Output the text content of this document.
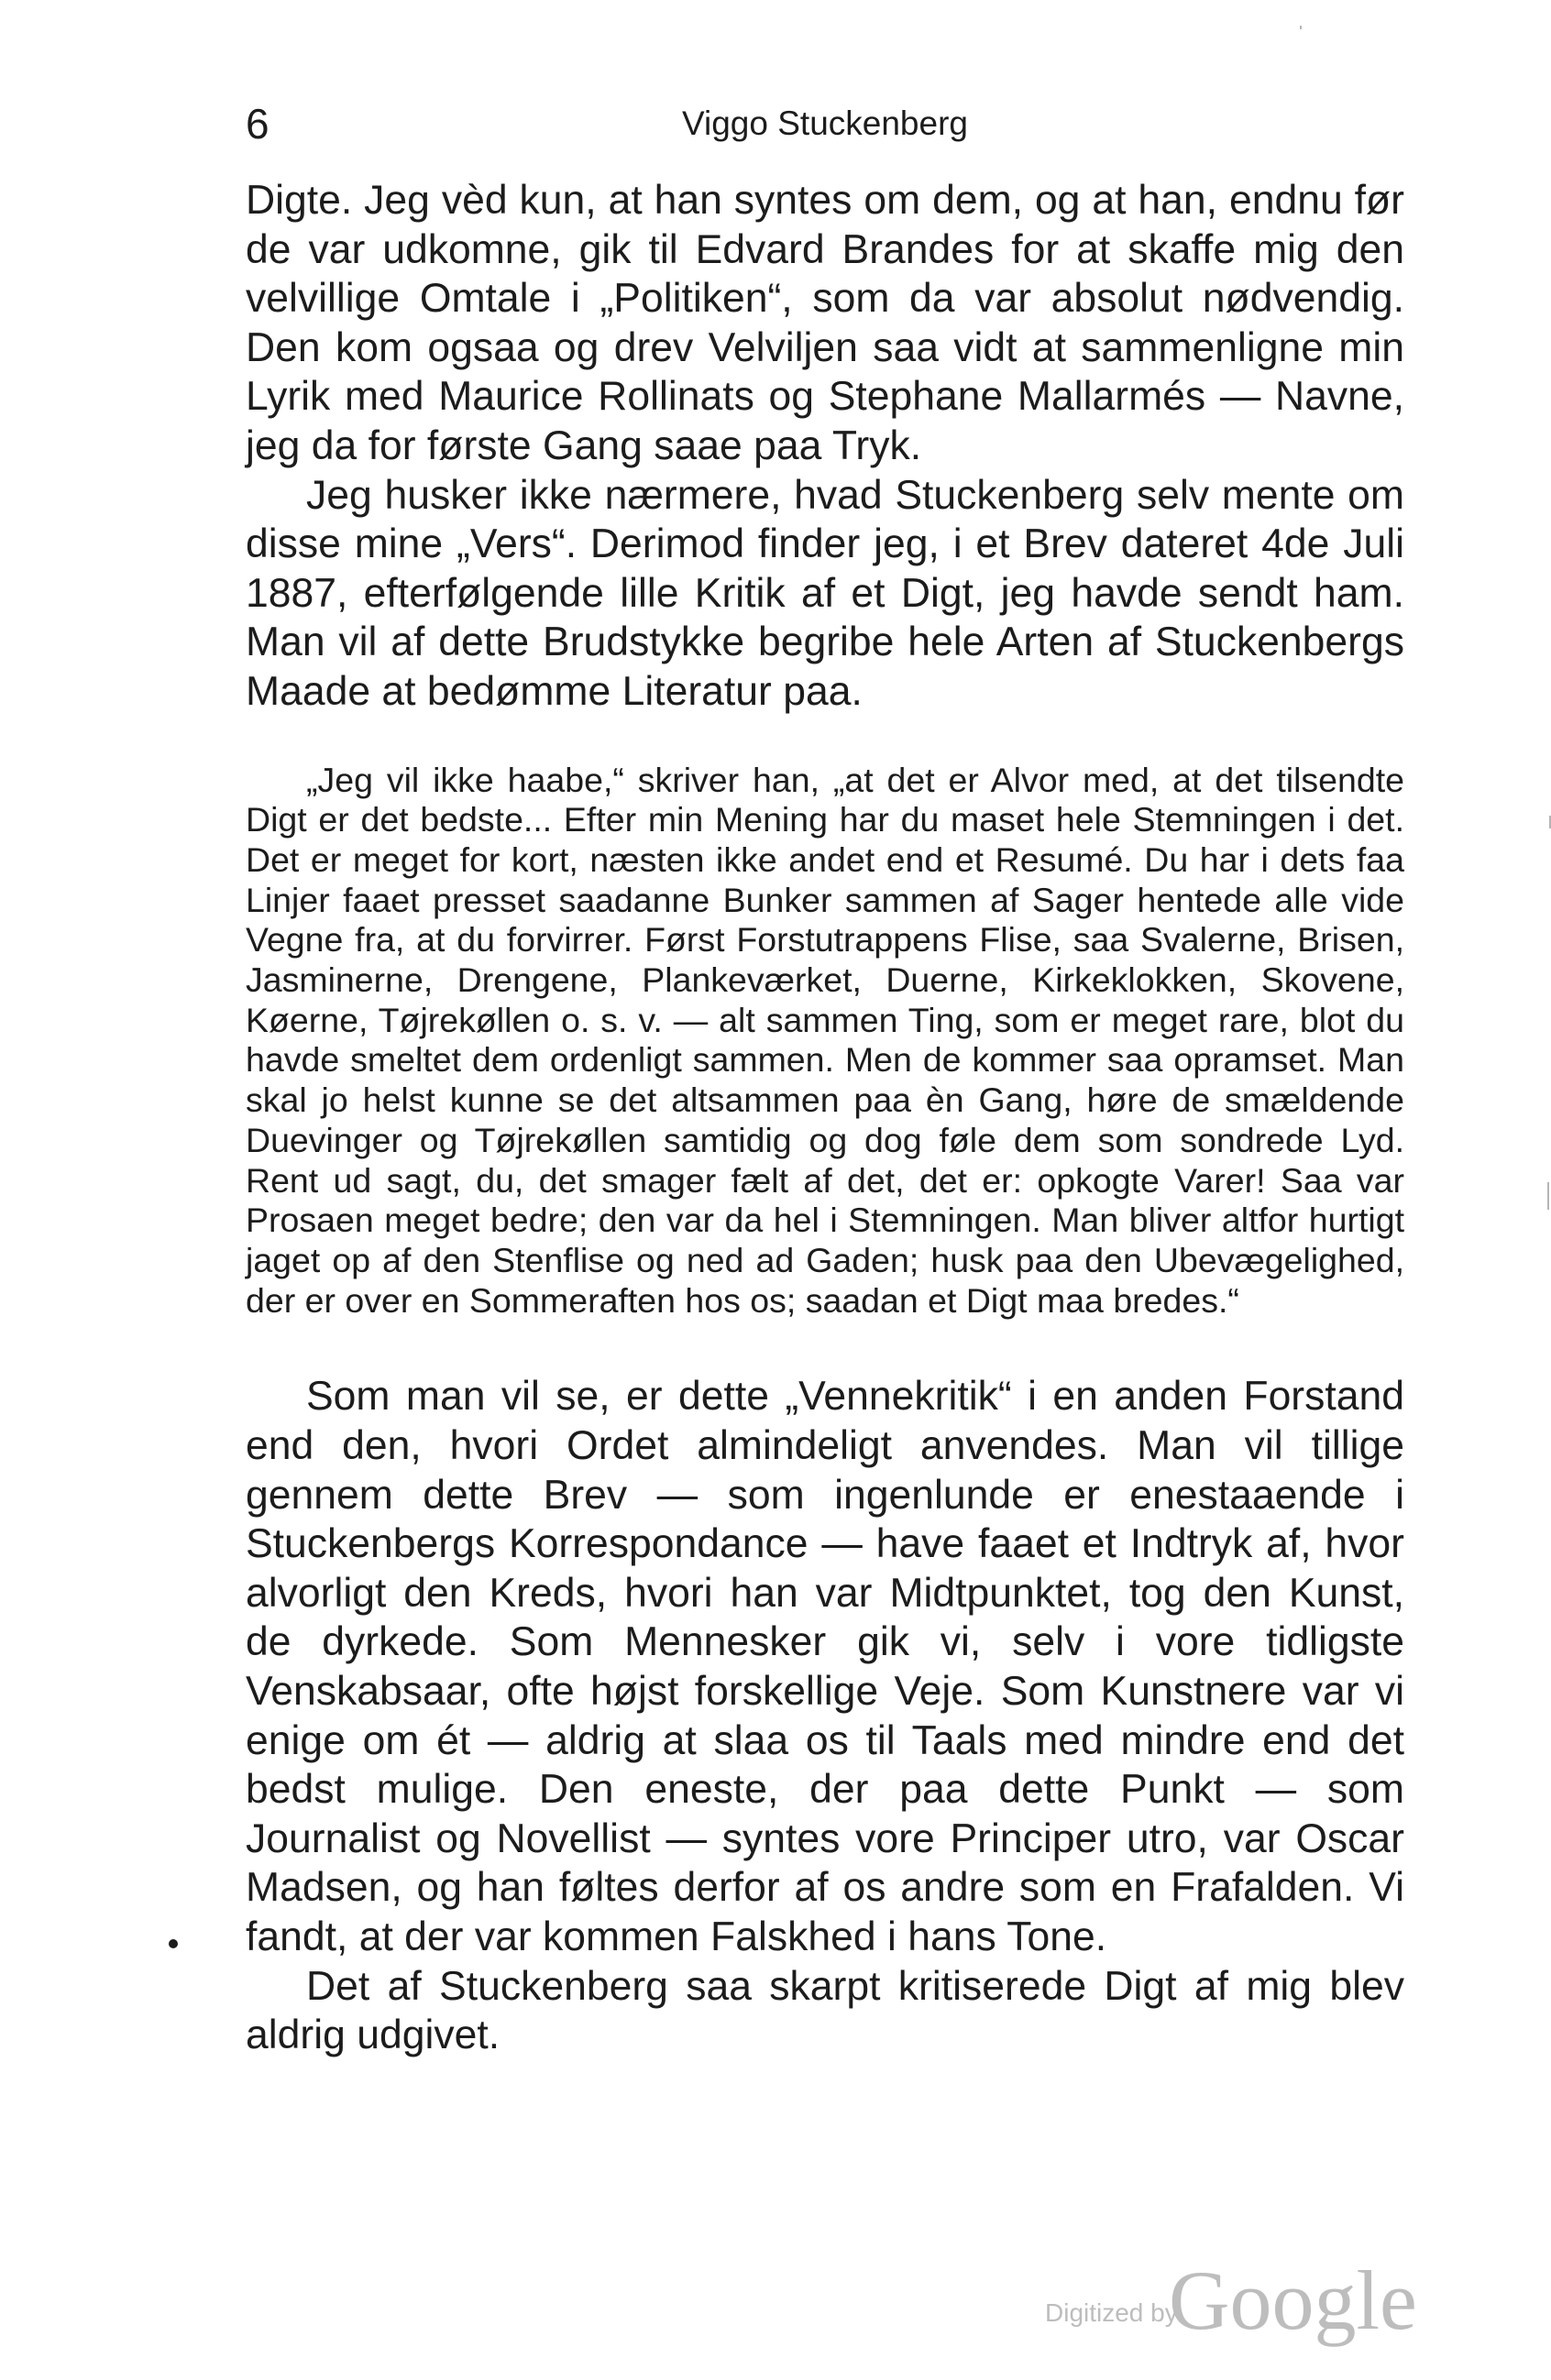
6	Viggo Stuckenberg

Digte. Jeg vèd kun, at han syntes om dem, og at han, endnu før de var udkomne, gik til Edvard Brandes for at skaffe mig den velvillige Omtale i „Politiken“, som da var absolut nødvendig. Den kom ogsaa og drev Velviljen saa vidt at sammenligne min Lyrik med Maurice Rollinats og Stephane Mallarmés — Navne, jeg da for første Gang saae paa Tryk.

Jeg husker ikke nærmere, hvad Stuckenberg selv mente om disse mine „Vers“. Derimod finder jeg, i et Brev dateret 4de Juli 1887, efterfølgende lille Kritik af et Digt, jeg havde sendt ham. Man vil af dette Brudstykke begribe hele Arten af Stuckenbergs Maade at bedømme Literatur paa.

„Jeg vil ikke haabe,“ skriver han, „at det er Alvor med, at det tilsendte Digt er det bedste... Efter min Mening har du maset hele Stemningen i det. Det er meget for kort, næsten ikke andet end et Resumé. Du har i dets faa Linjer faaet presset saadanne Bunker sammen af Sager hentede alle vide Vegne fra, at du forvirrer. Først Forstutrappens Flise, saa Svalerne, Brisen, Jasminerne, Drengene, Plankeværket, Duerne, Kirkeklokken, Skovene, Køerne, Tøjrekøllen o. s. v. — alt sammen Ting, som er meget rare, blot du havde smeltet dem ordenligt sammen. Men de kommer saa opramset. Man skal jo helst kunne se det altsammen paa èn Gang, høre de smældende Duevinger og Tøjrekøllen samtidig og dog føle dem som sondrede Lyd. Rent ud sagt, du, det smager fælt af det, det er: opkogte Varer! Saa var Prosaen meget bedre; den var da hel i Stemningen. Man bliver altfor hurtigt jaget op af den Stenflise og ned ad Gaden; husk paa den Ubevægelighed, der er over en Sommeraften hos os; saadan et Digt maa bredes.“

Som man vil se, er dette „Vennekritik“ i en anden Forstand end den, hvori Ordet almindeligt anvendes. Man vil tillige gennem dette Brev — som ingenlunde er enestaaende i Stuckenbergs Korrespondance — have faaet et Indtryk af, hvor alvorligt den Kreds, hvori han var Midtpunktet, tog den Kunst, de dyrkede. Som Mennesker gik vi, selv i vore tidligste Venskabsaar, ofte højst forskellige Veje. Som Kunstnere var vi enige om ét — aldrig at slaa os til Taals med mindre end det bedst mulige. Den eneste, der paa dette Punkt — som Journalist og Novellist — syntes vore Principer utro, var Oscar Madsen, og han føltes derfor af os andre som en Frafalden. Vi fandt, at der var kommen Falskhed i hans Tone.

Det af Stuckenberg saa skarpt kritiserede Digt af mig blev aldrig udgivet.

Digitized by
Google
